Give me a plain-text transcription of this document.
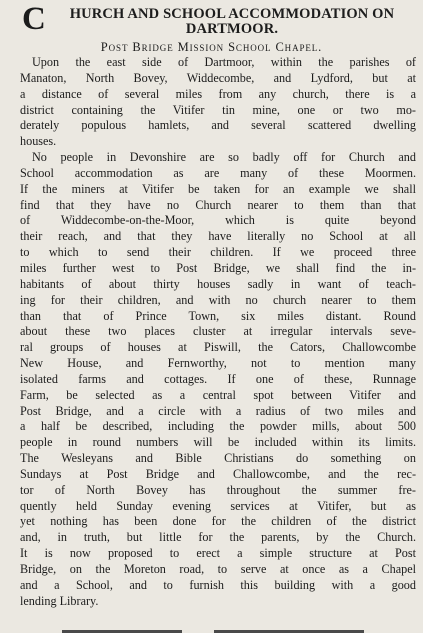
C	HURCH AND SCHOOL ACCOMMODATION ON DARTMOOR.
Post Bridge Mission School Chapel.
Upon the east side of Dartmoor, within the parishes of
Manaton, North Bovey, Widdecombe, and Lydford, but at
a distance of several miles from any church, there is a
district containing the Vitifer tin mine, one or two mo-
derately populous hamlets, and several scattered dwelling
houses.
No people in Devonshire are so badly off for Church and
School accommodation as are many of these Moormen.
If the miners at Vitifer be taken for an example we shall
find that they have no Church nearer to them than that
of Widdecombe-on-the-Moor, which is quite beyond
their reach, and that they have literally no School at all
to which to send their children. If we proceed three
miles further west to Post Bridge, we shall find the in-
habitants of about thirty houses sadly in want of teach-
ing for their children, and with no church nearer to them
than that of Prince Town, six miles distant. Round
about these two places cluster at irregular intervals seve-
ral groups of houses at Piswill, the Cators, Challowcombe
New House, and Fernworthy, not to mention many
isolated farms and cottages. If one of these, Runnage
Farm, be selected as a central spot between Vitifer and
Post Bridge, and a circle with a radius of two miles and
a half be described, including the powder mills, about 500
people in round numbers will be included within its limits.
The Wesleyans and Bible Christians do something on
Sundays at Post Bridge and Challowcombe, and the rec-
tor of North Bovey has throughout the summer fre-
quently held Sunday evening services at Vitifer, but as
yet nothing has been done for the children of the district
and, in truth, but little for the parents, by the Church.
It is now proposed to erect a simple structure at Post
Bridge, on the Moreton road, to serve at once as a Chapel
and a School, and to furnish this building with a good
lending Library.
